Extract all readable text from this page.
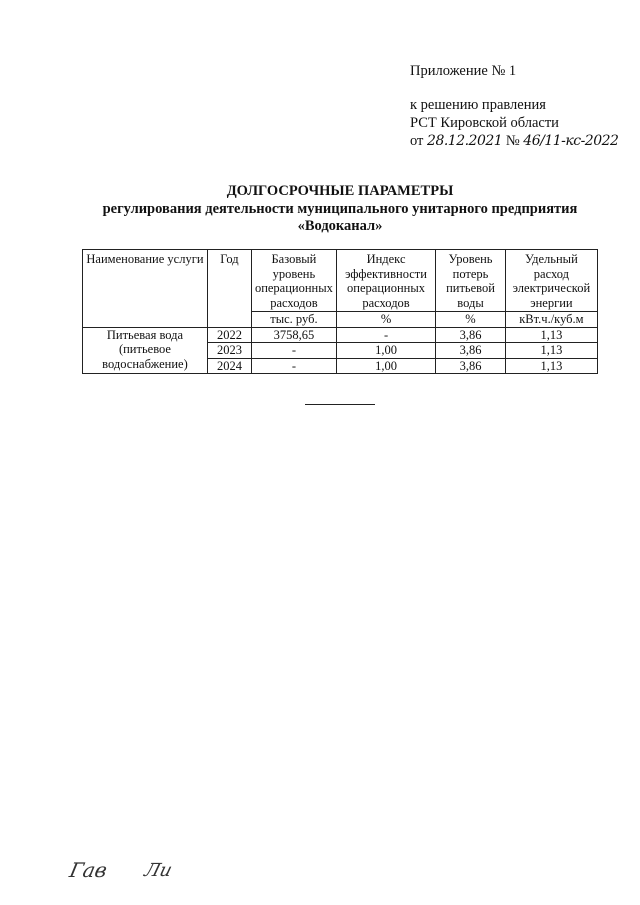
Приложение № 1
к решению правления
РСТ Кировской области
от 28.12.2021 № 46/11-кс-2022
ДОЛГОСРОЧНЫЕ ПАРАМЕТРЫ
регулирования деятельности муниципального унитарного предприятия
«Водоканал»
Наименование услуги	Год	Базовый уровень операционных расходов	Индекс эффективности операционных расходов	Уровень потерь питьевой воды	Удельный расход электрической энергии
		тыс. руб.	%	%	кВт.ч./куб.м
Питьевая вода (питьевое водоснабжение)	2022	3758,65	-	3,86	1,13
	2023	-	1,00	3,86	1,13
	2024	-	1,00	3,86	1,13
Гав Ли
